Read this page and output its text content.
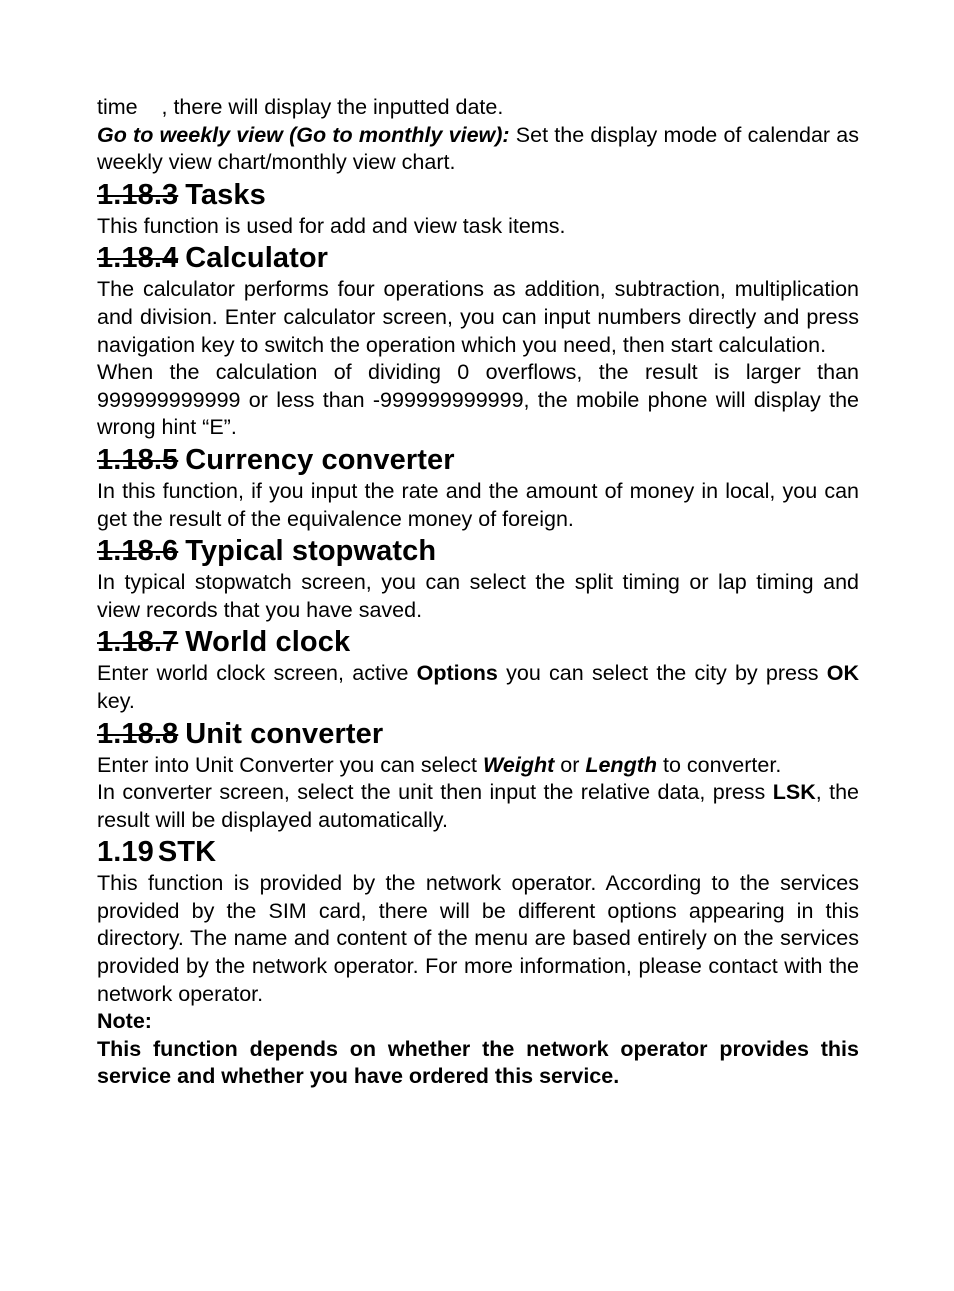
time    , there will display the inputted date.

Go to weekly view (Go to monthly view): Set the display mode of calendar as weekly view chart/monthly view chart.

1.18.3 Tasks

This function is used for add and view task items.

1.18.4 Calculator

The calculator performs four operations as addition, subtraction, multiplication and division. Enter calculator screen, you can input numbers directly and press navigation key to switch the operation which you need, then start calculation.

When the calculation of dividing 0 overflows, the result is larger than 999999999999 or less than -999999999999, the mobile phone will display the wrong hint “E”.

1.18.5 Currency converter

In this function, if you input the rate and the amount of money in local, you can get the result of the equivalence money of foreign.

1.18.6 Typical stopwatch

In typical stopwatch screen, you can select the split timing or lap timing and view records that you have saved.

1.18.7 World clock

Enter world clock screen, active Options you can select the city by press OK key.

1.18.8 Unit converter

Enter into Unit Converter you can select Weight or Length to converter.

In converter screen, select the unit then input the relative data, press LSK, the result will be displayed automatically.

1.19 STK

This function is provided by the network operator. According to the services provided by the SIM card, there will be different options appearing in this directory. The name and content of the menu are based entirely on the services provided by the network operator. For more information, please contact with the network operator.

Note:

This function depends on whether the network operator provides this service and whether you have ordered this service.
